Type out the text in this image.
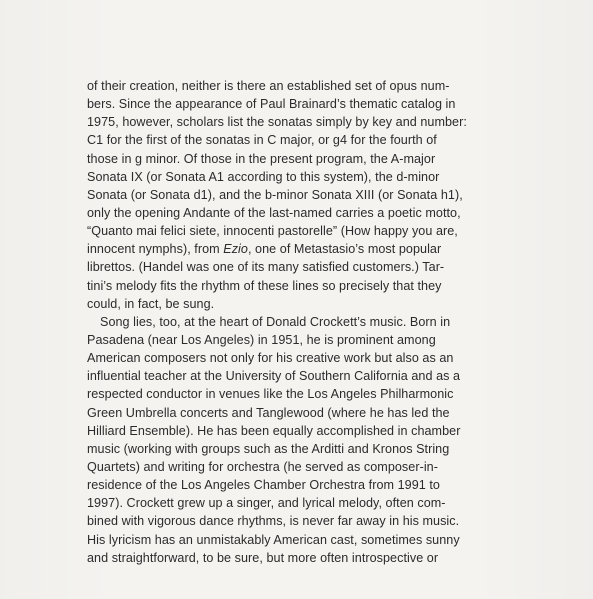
of their creation, neither is there an established set of opus num-
bers. Since the appearance of Paul Brainard’s thematic catalog in
1975, however, scholars list the sonatas simply by key and number:
C1 for the first of the sonatas in C major, or g4 for the fourth of
those in g minor. Of those in the present program, the A-major
Sonata IX (or Sonata A1 according to this system), the d-minor
Sonata (or Sonata d1), and the b-minor Sonata XIII (or Sonata h1),
only the opening Andante of the last-named carries a poetic motto,
“Quanto mai felici siete, innocenti pastorelle” (How happy you are,
innocent nymphs), from Ezio, one of Metastasio’s most popular
librettos. (Handel was one of its many satisfied customers.) Tar-
tini’s melody fits the rhythm of these lines so precisely that they
could, in fact, be sung.
Song lies, too, at the heart of Donald Crockett’s music. Born in
Pasadena (near Los Angeles) in 1951, he is prominent among
American composers not only for his creative work but also as an
influential teacher at the University of Southern California and as a
respected conductor in venues like the Los Angeles Philharmonic
Green Umbrella concerts and Tanglewood (where he has led the
Hilliard Ensemble). He has been equally accomplished in chamber
music (working with groups such as the Arditti and Kronos String
Quartets) and writing for orchestra (he served as composer-in-
residence of the Los Angeles Chamber Orchestra from 1991 to
1997). Crockett grew up a singer, and lyrical melody, often com-
bined with vigorous dance rhythms, is never far away in his music.
His lyricism has an unmistakably American cast, sometimes sunny
and straightforward, to be sure, but more often introspective or
